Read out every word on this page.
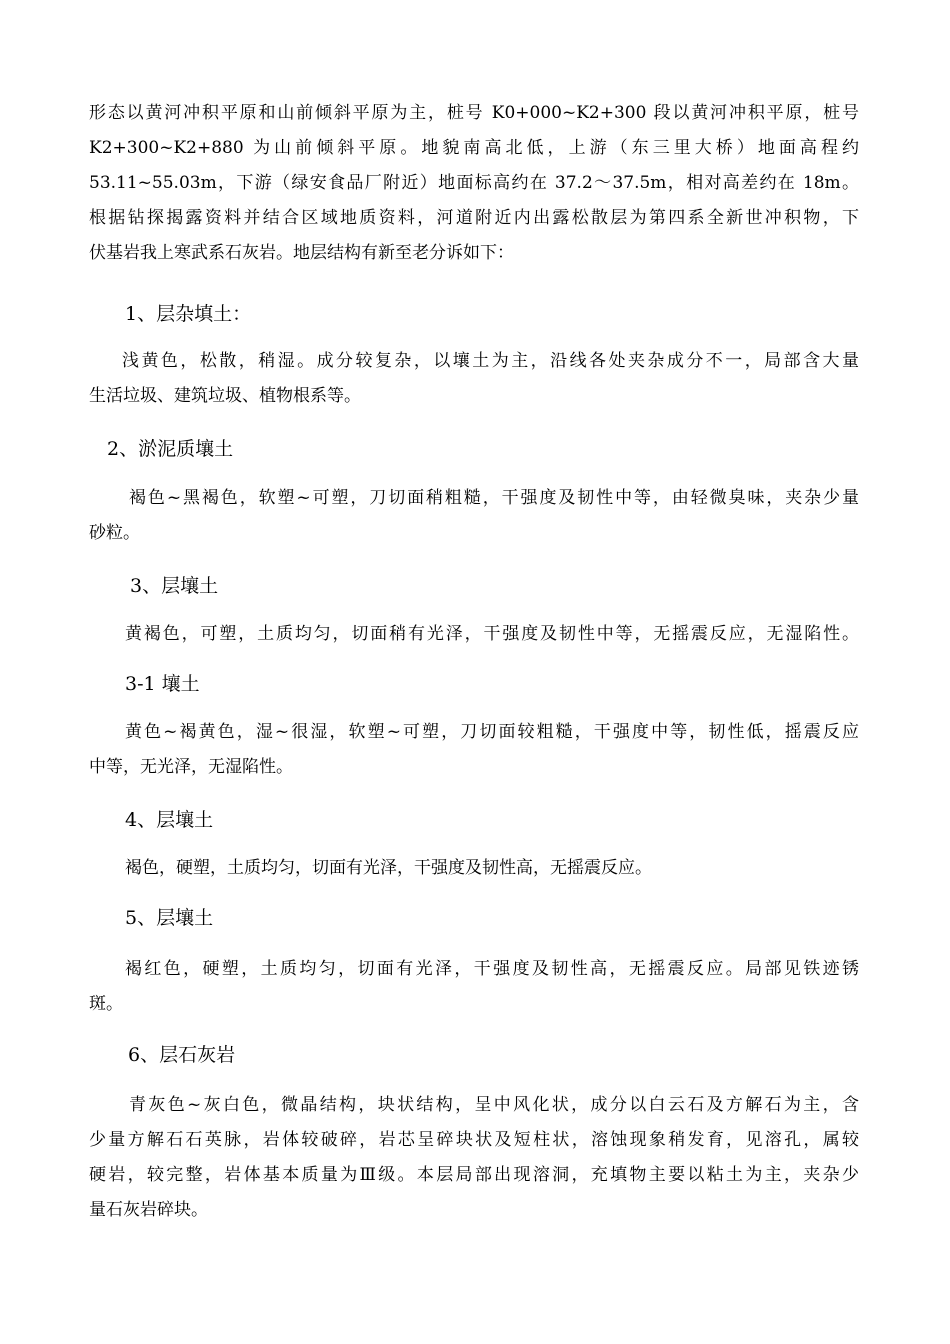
形态以黄河冲积平原和山前倾斜平原为主，桩号 K0+000~K2+300 段以黄河冲积平原，桩号
K2+300~K2+880 为山前倾斜平原。地貌南高北低，上游（东三里大桥）地面高程约
53.11~55.03m，下游（绿安食品厂附近）地面标高约在 37.2～37.5m，相对高差约在 18m。
根据钻探揭露资料并结合区域地质资料，河道附近内出露松散层为第四系全新世冲积物，下
伏基岩我上寒武系石灰岩。地层结构有新至老分诉如下：
1、层杂填土：
浅黄色，松散，稍湿。成分较复杂，以壤土为主，沿线各处夹杂成分不一，局部含大量
生活垃圾、建筑垃圾、植物根系等。
2、淤泥质壤土
褐色~黑褐色，软塑~可塑，刀切面稍粗糙，干强度及韧性中等，由轻微臭味，夹杂少量
砂粒。
3、层壤土
黄褐色，可塑，土质均匀，切面稍有光泽，干强度及韧性中等，无摇震反应，无湿陷性。
3-1 壤土
黄色~褐黄色，湿~很湿，软塑~可塑，刀切面较粗糙，干强度中等，韧性低，摇震反应
中等，无光泽，无湿陷性。
4、层壤土
褐色，硬塑，土质均匀，切面有光泽，干强度及韧性高，无摇震反应。
5、层壤土
褐红色，硬塑，土质均匀，切面有光泽，干强度及韧性高，无摇震反应。局部见铁迹锈
斑。
6、层石灰岩
青灰色~灰白色，微晶结构，块状结构，呈中风化状，成分以白云石及方解石为主，含
少量方解石石英脉，岩体较破碎，岩芯呈碎块状及短柱状，溶蚀现象稍发育，见溶孔，属较
硬岩，较完整，岩体基本质量为Ⅲ级。本层局部出现溶洞，充填物主要以粘土为主，夹杂少
量石灰岩碎块。
